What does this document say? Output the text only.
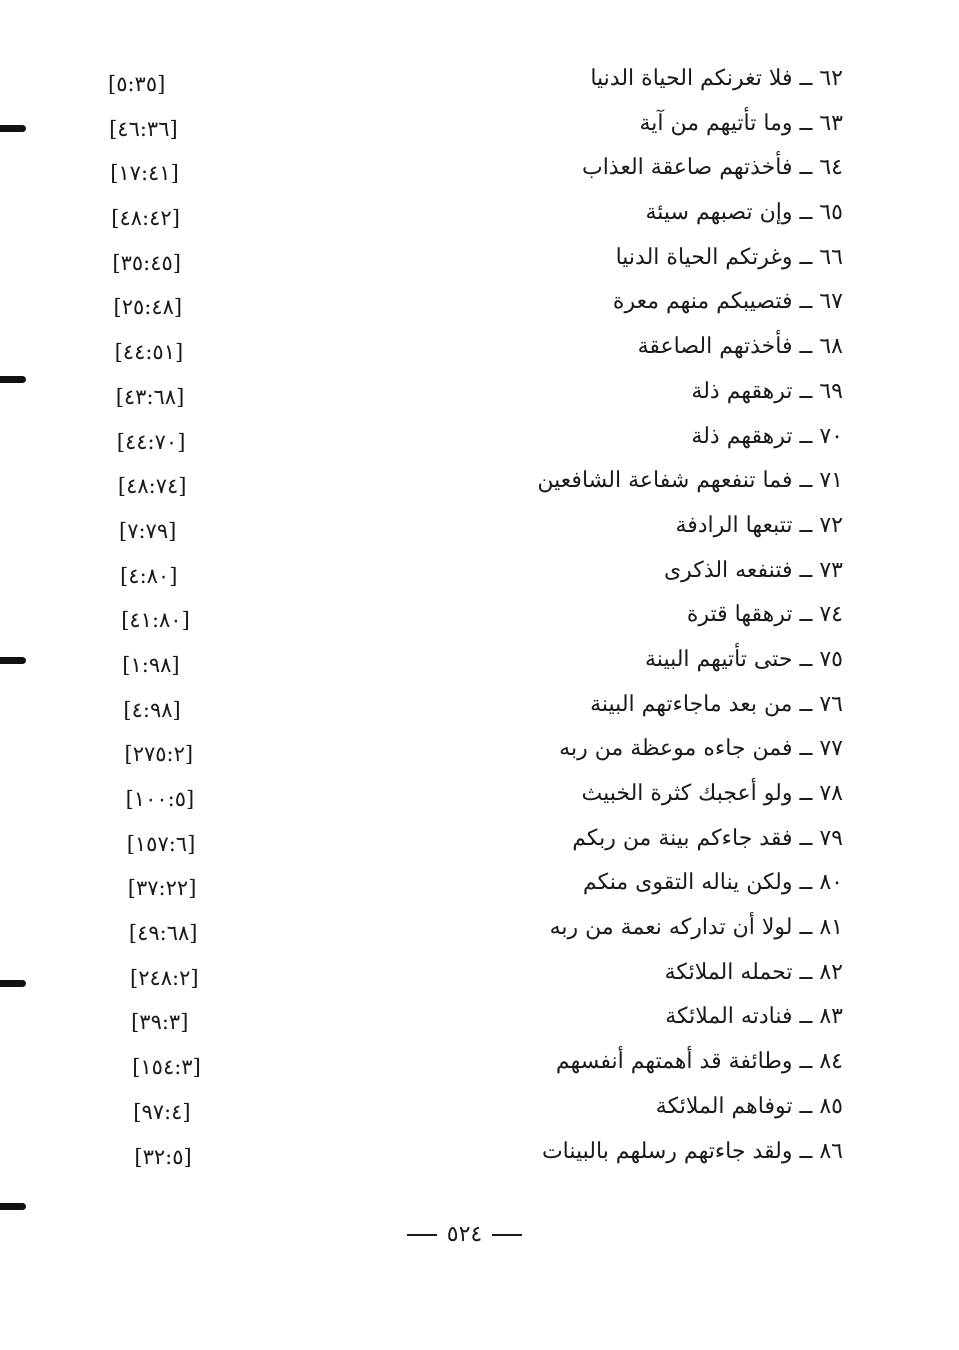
٦٢ ــ فلا تغرنكم الحياة الدنيا
[٥:٣٥]
٦٣ ــ وما تأتيهم من آية
[٤٦:٣٦]
٦٤ ــ فأخذتهم صاعقة العذاب
[١٧:٤١]
٦٥ ــ وإن تصبهم سيئة
[٤٨:٤٢]
٦٦ ــ وغرتكم الحياة الدنيا
[٣٥:٤٥]
٦٧ ــ فتصيبكم منهم معرة
[٢٥:٤٨]
٦٨ ــ فأخذتهم الصاعقة
[٤٤:٥١]
٦٩ ــ ترهقهم ذلة
[٤٣:٦٨]
٧٠ ــ ترهقهم ذلة
[٤٤:٧٠]
٧١ ــ فما تنفعهم شفاعة الشافعين
[٤٨:٧٤]
٧٢ ــ تتبعها الرادفة
[٧:٧٩]
٧٣ ــ فتنفعه الذكرى
[٤:٨٠]
٧٤ ــ ترهقها قترة
[٤١:٨٠]
٧٥ ــ حتى تأتيهم البينة
[١:٩٨]
٧٦ ــ من بعد ماجاءتهم البينة
[٤:٩٨]
٧٧ ــ فمن جاءه موعظة من ربه
[٢٧٥:٢]
٧٨ ــ ولو أعجبك كثرة الخبيث
[١٠٠:٥]
٧٩ ــ فقد جاءكم بينة من ربكم
[١٥٧:٦]
٨٠ ــ ولكن يناله التقوى منكم
[٣٧:٢٢]
٨١ ــ لولا أن تداركه نعمة من ربه
[٤٩:٦٨]
٨٢ ــ تحمله الملائكة
[٢٤٨:٢]
٨٣ ــ فنادته الملائكة
[٣٩:٣]
٨٤ ــ وطائفة قد أهمتهم أنفسهم
[١٥٤:٣]
٨٥ ــ توفاهم الملائكة
[٩٧:٤]
٨٦ ــ ولقد جاءتهم رسلهم بالبينات
[٣٢:٥]
٥٢٤
